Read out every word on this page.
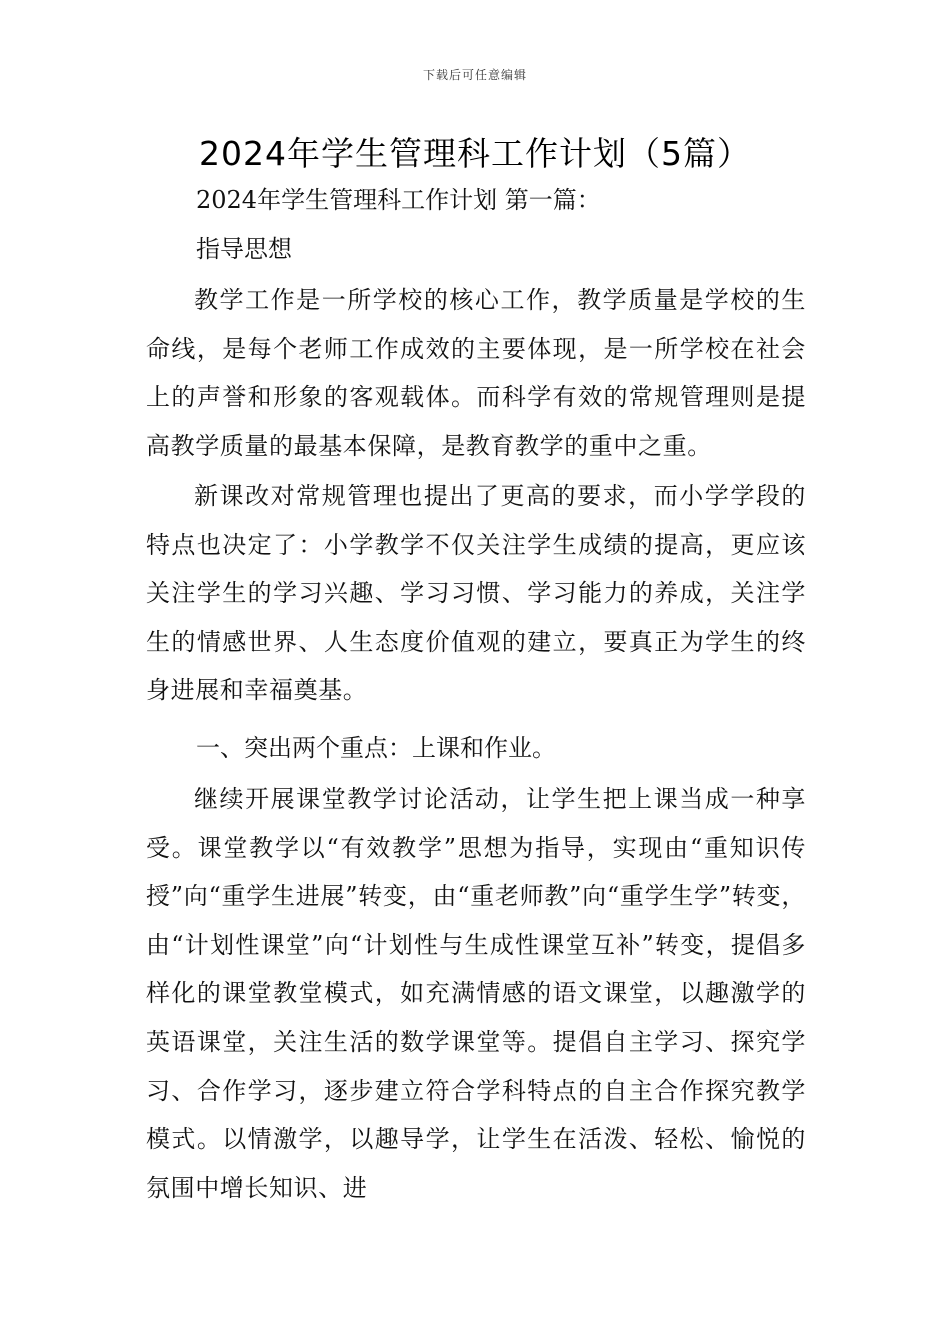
下载后可任意编辑
2024年学生管理科工作计划（5篇）
2024年学生管理科工作计划 第一篇：
指导思想

教学工作是一所学校的核心工作，教学质量是学校的生命线，是每个老师工作成效的主要体现，是一所学校在社会上的声誉和形象的客观载体。而科学有效的常规管理则是提高教学质量的最基本保障，是教育教学的重中之重。

新课改对常规管理也提出了更高的要求，而小学学段的特点也决定了：小学教学不仅关注学生成绩的提高，更应该关注学生的学习兴趣、学习习惯、学习能力的养成，关注学生的情感世界、人生态度价值观的建立，要真正为学生的终身进展和幸福奠基。

一、突出两个重点：上课和作业。

继续开展课堂教学讨论活动，让学生把上课当成一种享受。课堂教学以“有效教学”思想为指导，实现由“重知识传授”向“重学生进展”转变，由“重老师教”向“重学生学”转变，由“计划性课堂”向“计划性与生成性课堂互补”转变，提倡多样化的课堂教堂模式，如充满情感的语文课堂，以趣激学的英语课堂，关注生活的数学课堂等。提倡自主学习、探究学习、合作学习，逐步建立符合学科特点的自主合作探究教学模式。以情激学，以趣导学，让学生在活泼、轻松、愉悦的氛围中增长知识、进
